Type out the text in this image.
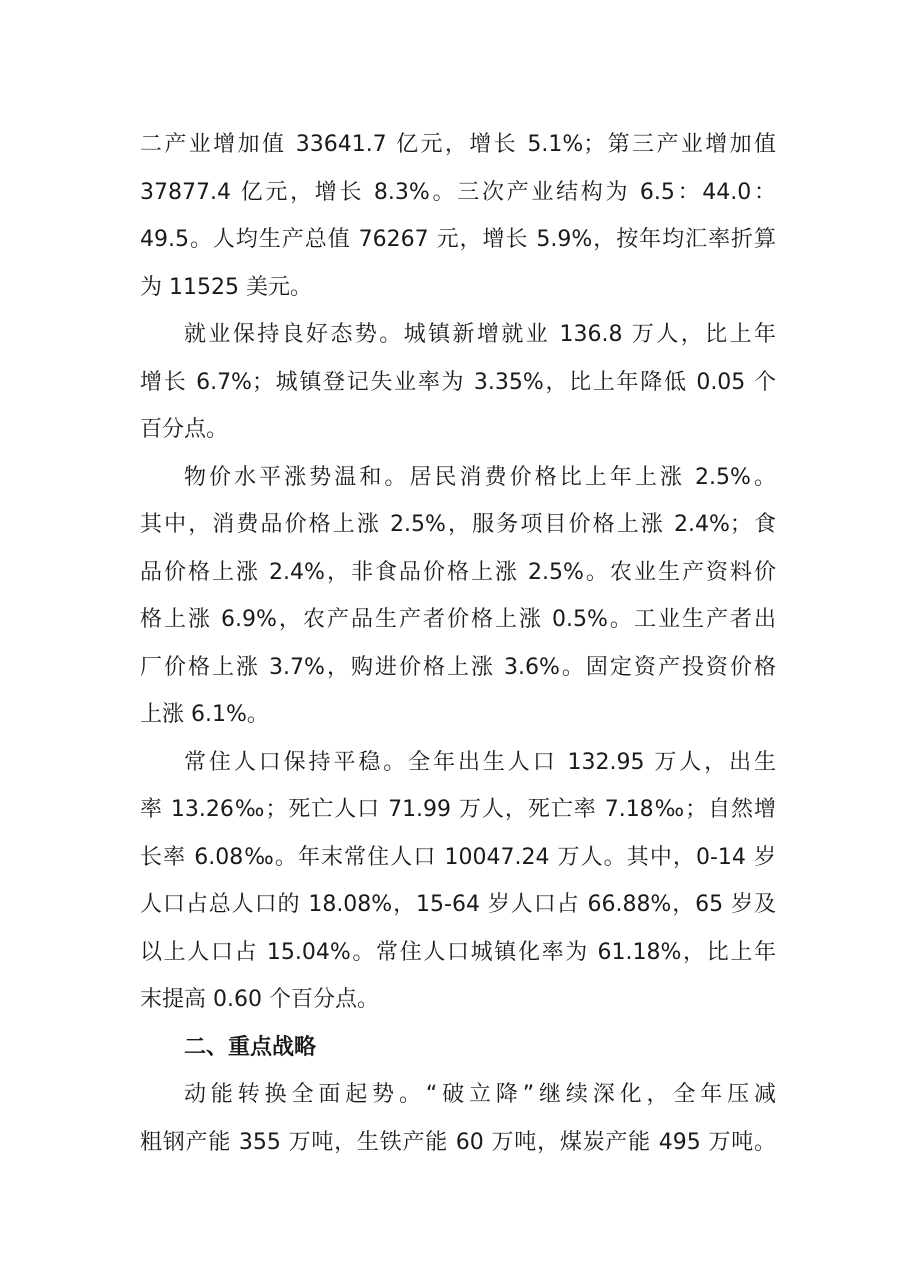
二产业增加值 33641.7 亿元，增长 5.1%；第三产业增加值
37877.4 亿元，增长 8.3%。三次产业结构为 6.5：44.0：
49.5。人均生产总值 76267 元，增长 5.9%，按年均汇率折算
为 11525 美元。
就业保持良好态势。城镇新增就业 136.8 万人，比上年
增长 6.7%；城镇登记失业率为 3.35%，比上年降低 0.05 个
百分点。
物价水平涨势温和。居民消费价格比上年上涨 2.5%。
其中，消费品价格上涨 2.5%，服务项目价格上涨 2.4%；食
品价格上涨 2.4%，非食品价格上涨 2.5%。农业生产资料价
格上涨 6.9%，农产品生产者价格上涨 0.5%。工业生产者出
厂价格上涨 3.7%，购进价格上涨 3.6%。固定资产投资价格
上涨 6.1%。
常住人口保持平稳。全年出生人口 132.95 万人，出生
率 13.26‰；死亡人口 71.99 万人，死亡率 7.18‰；自然增
长率 6.08‰。年末常住人口 10047.24 万人。其中，0-14 岁
人口占总人口的 18.08%，15-64 岁人口占 66.88%，65 岁及
以上人口占 15.04%。常住人口城镇化率为 61.18%，比上年
末提高 0.60 个百分点。
二、重点战略
动能转换全面起势。“破立降”继续深化，全年压减
粗钢产能 355 万吨，生铁产能 60 万吨，煤炭产能 495 万吨。
